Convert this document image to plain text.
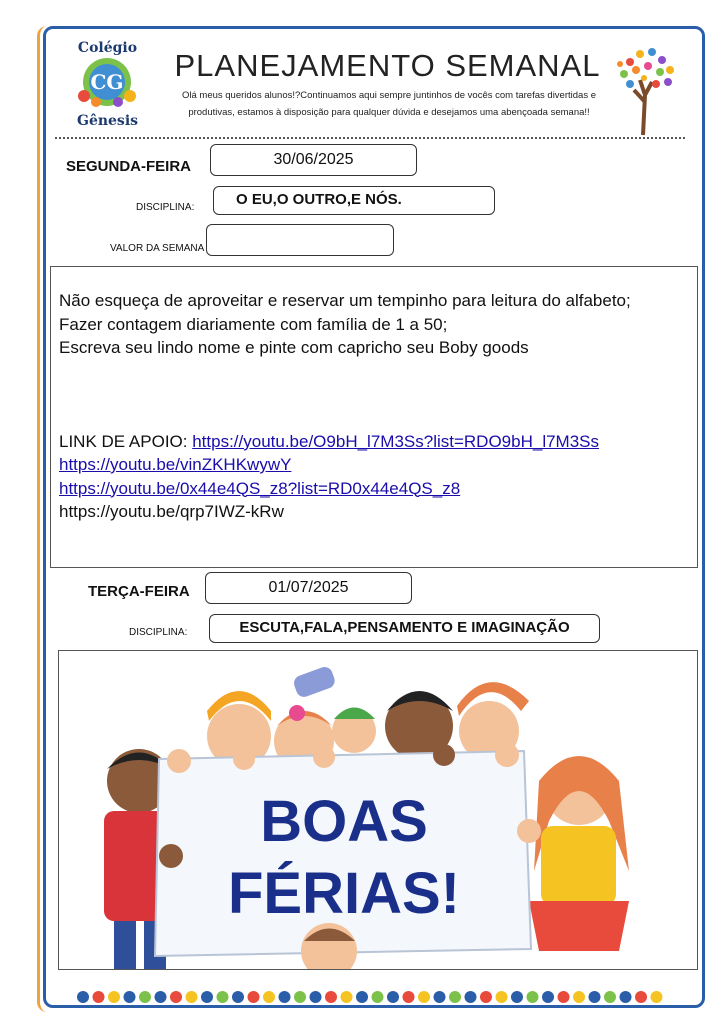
Colégio
CG
Gênesis
PLANEJAMENTO SEMANAL
Olá meus queridos alunos!?Continuamos aqui sempre juntinhos de vocês com tarefas divertidas e produtivas, estamos à disposição para qualquer dúvida e desejamos uma abençoada semana!!
SEGUNDA-FEIRA	30/06/2025
DISCIPLINA:	O EU,O OUTRO,E NÓS.
VALOR DA SEMANA
Não esqueça de aproveitar e reservar um tempinho para leitura do alfabeto;
Fazer contagem diariamente com família de 1 a 50;
Escreva seu lindo nome e pinte com capricho seu Boby goods
LINK DE APOIO: https://youtu.be/O9bH_l7M3Ss?list=RDO9bH_l7M3Ss
https://youtu.be/vinZKHKwywY
https://youtu.be/0x44e4QS_z8?list=RD0x44e4QS_z8
https://youtu.be/qrp7IWZ-kRw
TERÇA-FEIRA	01/07/2025
DISCIPLINA:	ESCUTA,FALA,PENSAMENTO E IMAGINAÇÃO
BOAS
FÉRIAS!
